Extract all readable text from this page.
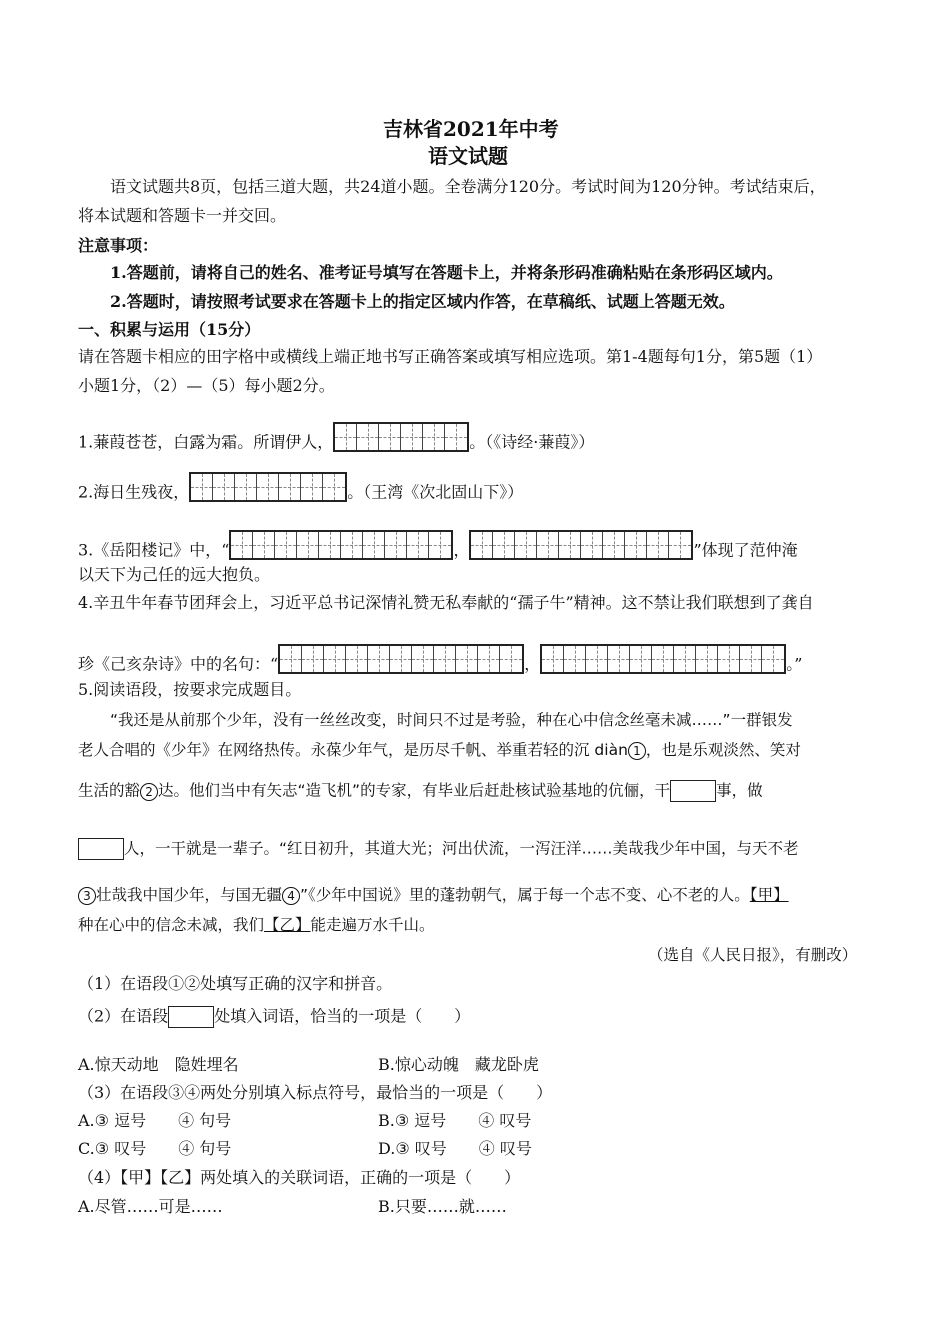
吉林省2021年中考
语文试题
语文试题共8页，包括三道大题，共24道小题。全卷满分120分。考试时间为120分钟。考试结束后，
将本试题和答题卡一并交回。
注意事项：
1.答题前，请将自己的姓名、准考证号填写在答题卡上，并将条形码准确粘贴在条形码区域内。
2.答题时，请按照考试要求在答题卡上的指定区域内作答，在草稿纸、试题上答题无效。
一、积累与运用（15分）
请在答题卡相应的田字格中或横线上端正地书写正确答案或填写相应选项。第1-4题每句1分，第5题（1）
小题1分，（2）—（5）每小题2分。
1.蒹葭苍苍，白露为霜。所谓伊人，	。（《诗经·蒹葭》）
2.海日生残夜，	。（王湾《次北固山下》）
3.《岳阳楼记》中，“	，	”体现了范仲淹
以天下为己任的远大抱负。
4.辛丑牛年春节团拜会上，习近平总书记深情礼赞无私奉献的“孺子牛”精神。这不禁让我们联想到了龚自
珍《己亥杂诗》中的名句：“	，	。”
5.阅读语段，按要求完成题目。
“我还是从前那个少年，没有一丝丝改变，时间只不过是考验，种在心中信念丝毫未减……”一群银发
老人合唱的《少年》在网络热传。永葆少年气，是历尽千帆、举重若轻的沉 diàn 1 ，也是乐观淡然、笑对
生活的豁 2 达。他们当中有矢志“造飞机”的专家，有毕业后赶赴核试验基地的伉俪，干	事，做
人，一干就是一辈子。“红日初升，其道大光；河出伏流，一泻汪洋……美哉我少年中国，与天不老
3 壮哉我中国少年，与国无疆 4 ”《少年中国说》里的蓬勃朝气，属于每一个志不变、心不老的人。【甲】
种在心中的信念未减，我们【乙】能走遍万水千山。
（选自《人民日报》，有删改）
（1）在语段①②处填写正确的汉字和拼音。
（2）在语段	处填入词语，恰当的一项是（　　）
A.惊天动地　隐姓埋名	B.惊心动魄　藏龙卧虎
（3）在语段③④两处分别填入标点符号，最恰当的一项是（　　）
A.③ 逗号　　④ 句号	B.③ 逗号　　④ 叹号
C.③ 叹号　　④ 句号	D.③ 叹号　　④ 叹号
（4）【甲】【乙】两处填入的关联词语，正确的一项是（　　）
A.尽管……可是……	B.只要……就……
